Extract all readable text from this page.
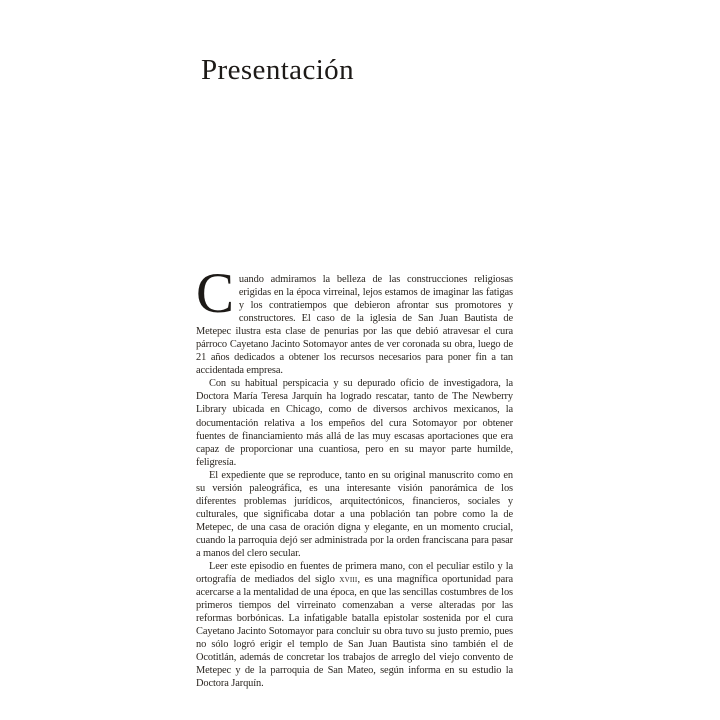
Presentación

Cuando admiramos la belleza de las construcciones religiosas erigidas en la época virreinal, lejos estamos de imaginar las fatigas y los contratiempos que debieron afrontar sus promotores y constructores. El caso de la iglesia de San Juan Bautista de Metepec ilustra esta clase de penurias por las que debió atravesar el cura párroco Cayetano Jacinto Sotomayor antes de ver coronada su obra, luego de 21 años dedicados a obtener los recursos necesarios para poner fin a tan accidentada empresa.

Con su habitual perspicacia y su depurado oficio de investigadora, la Doctora María Teresa Jarquín ha logrado rescatar, tanto de The Newberry Library ubicada en Chicago, como de diversos archivos mexicanos, la documentación relativa a los empeños del cura Sotomayor por obtener fuentes de financiamiento más allá de las muy escasas aportaciones que era capaz de proporcionar una cuantiosa, pero en su mayor parte humilde, feligresía.

El expediente que se reproduce, tanto en su original manuscrito como en su versión paleográfica, es una interesante visión panorámica de los diferentes problemas jurídicos, arquitectónicos, financieros, sociales y culturales, que significaba dotar a una población tan pobre como la de Metepec, de una casa de oración digna y elegante, en un momento crucial, cuando la parroquia dejó ser administrada por la orden franciscana para pasar a manos del clero secular.

Leer este episodio en fuentes de primera mano, con el peculiar estilo y la ortografía de mediados del siglo xviii, es una magnífica oportunidad para acercarse a la mentalidad de una época, en que las sencillas costumbres de los primeros tiempos del virreinato comenzaban a verse alteradas por las reformas borbónicas. La infatigable batalla epistolar sostenida por el cura Cayetano Jacinto Sotomayor para concluir su obra tuvo su justo premio, pues no sólo logró erigir el templo de San Juan Bautista sino también el de Ocotitlán, además de concretar los trabajos de arreglo del viejo convento de Metepec y de la parroquia de San Mateo, según informa en su estudio la Doctora Jarquín.
